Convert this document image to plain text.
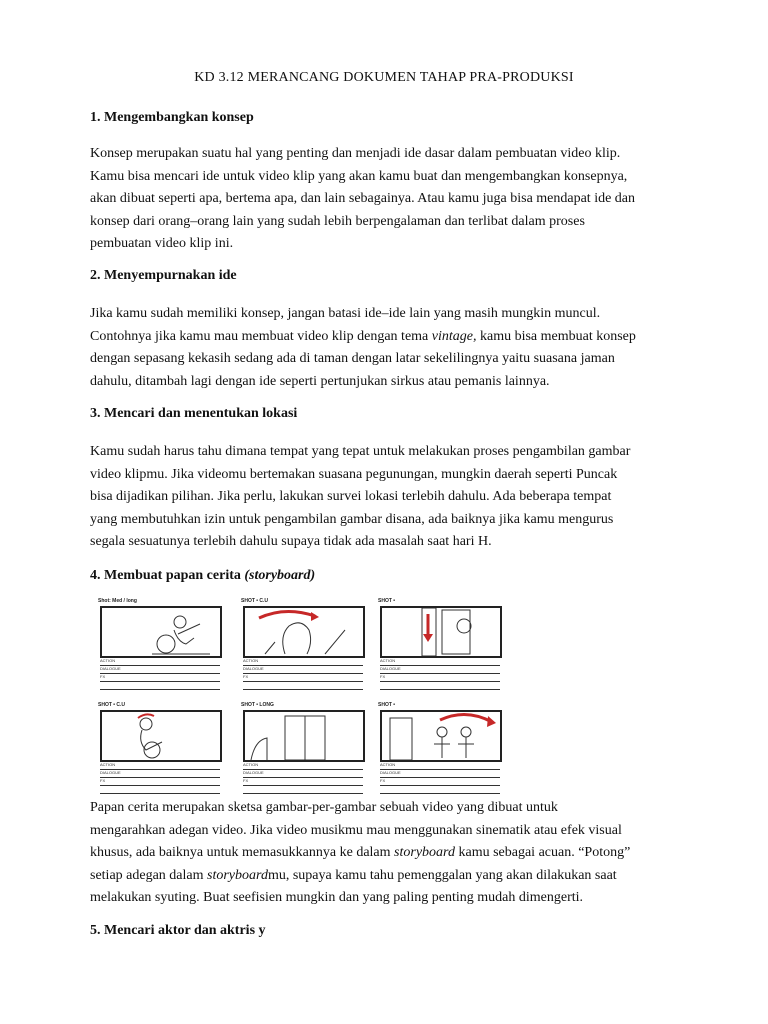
KD 3.12 MERANCANG DOKUMEN TAHAP PRA-PRODUKSI
1. Mengembangkan konsep
Konsep merupakan suatu hal yang penting dan menjadi ide dasar dalam pembuatan video klip.
Kamu bisa mencari ide untuk video klip yang akan kamu buat dan mengembangkan konsepnya,
akan dibuat seperti apa, bertema apa, dan lain sebagainya. Atau kamu juga bisa mendapat ide dan
konsep dari orang–orang lain yang sudah lebih berpengalaman dan terlibat dalam proses
pembuatan video klip ini.
2. Menyempurnakan ide
Jika kamu sudah memiliki konsep, jangan batasi ide–ide lain yang masih mungkin muncul.
Contohnya jika kamu mau membuat video klip dengan tema vintage, kamu bisa membuat konsep
dengan sepasang kekasih sedang ada di taman dengan latar sekelilingnya yaitu suasana jaman
dahulu, ditambah lagi dengan ide seperti pertunjukan sirkus atau pemanis lainnya.
3. Mencari dan menentukan lokasi
Kamu sudah harus tahu dimana tempat yang tepat untuk melakukan proses pengambilan gambar
video klipmu. Jika videomu bertemakan suasana pegunungan, mungkin daerah seperti Puncak
bisa dijadikan pilihan. Jika perlu, lakukan survei lokasi terlebih dahulu. Ada beberapa tempat
yang membutuhkan izin untuk pengambilan gambar disana, ada baiknya jika kamu mengurus
segala sesuatunya terlebih dahulu supaya tidak ada masalah saat hari H.
4. Membuat papan cerita (storyboard)
Shot: Med / long
ACTION
DIALOGUE
FX
SHOT • C.U
ACTION
DIALOGUE
FX
SHOT •
ACTION
DIALOGUE
FX
SHOT • C.U
ACTION
DIALOGUE
FX
SHOT • LONG
ACTION
DIALOGUE
FX
SHOT •
ACTION
DIALOGUE
FX
Papan cerita merupakan sketsa gambar-per-gambar sebuah video yang dibuat untuk
mengarahkan adegan video. Jika video musikmu mau menggunakan sinematik atau efek visual
khusus, ada baiknya untuk memasukkannya ke dalam storyboard kamu sebagai acuan. “Potong”
setiap adegan dalam storyboardmu, supaya kamu tahu pemenggalan yang akan dilakukan saat
melakukan syuting. Buat seefisien mungkin dan yang paling penting mudah dimengerti.
5. Mencari aktor dan aktris y
